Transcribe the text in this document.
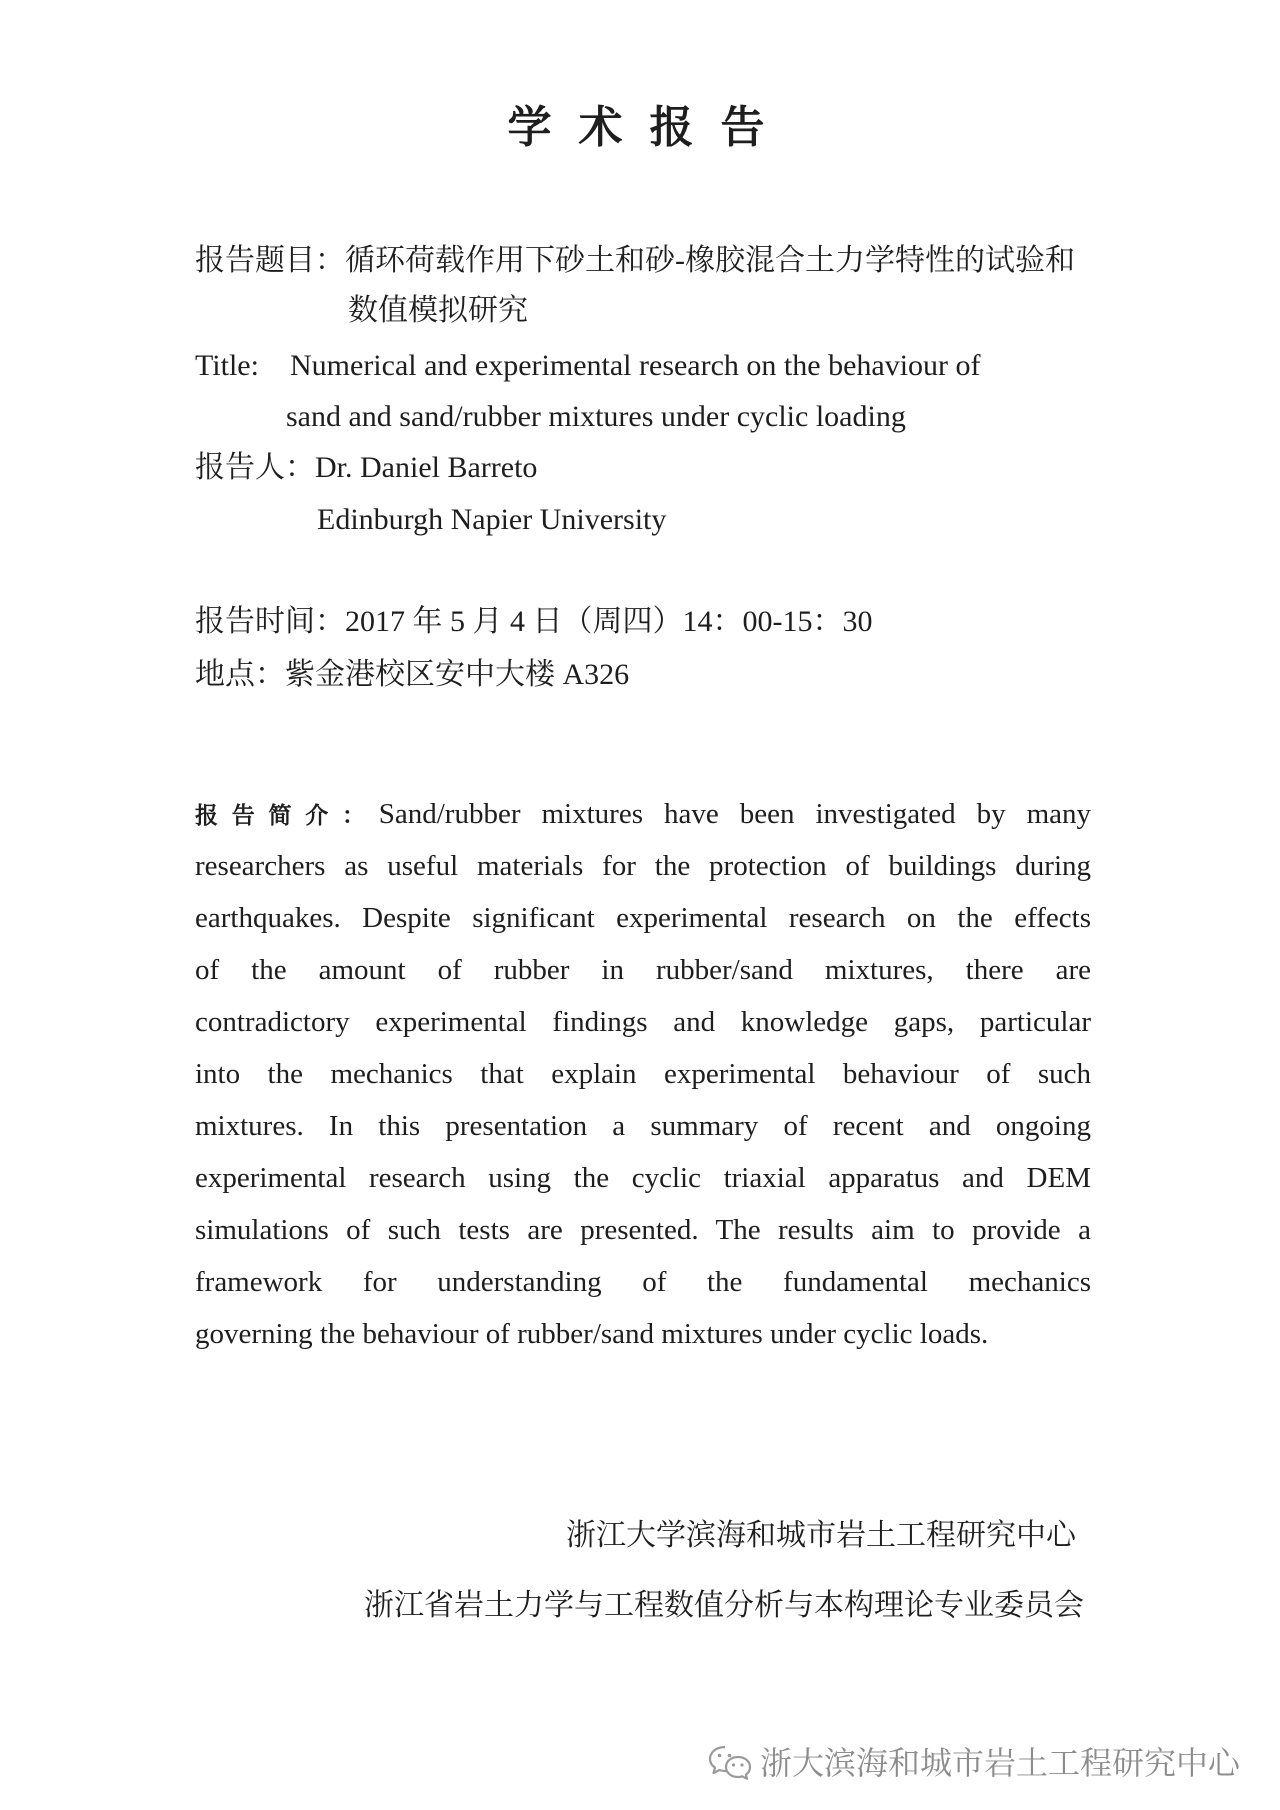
学 术 报 告
报告题目：循环荷载作用下砂土和砂-橡胶混合土力学特性的试验和
数值模拟研究
Title: Numerical and experimental research on the behaviour of
sand and sand/rubber mixtures under cyclic loading
报告人：Dr. Daniel Barreto
Edinburgh Napier University
报告时间：2017 年 5 月 4 日（周四）14：00-15：30
地点：紫金港校区安中大楼 A326
报告简介：Sand/rubber mixtures have been investigated by many
researchers as useful materials for the protection of buildings during
earthquakes. Despite significant experimental research on the effects
of the amount of rubber in rubber/sand mixtures, there are
contradictory experimental findings and knowledge gaps, particular
into the mechanics that explain experimental behaviour of such
mixtures. In this presentation a summary of recent and ongoing
experimental research using the cyclic triaxial apparatus and DEM
simulations of such tests are presented. The results aim to provide a
framework for understanding of the fundamental mechanics
governing the behaviour of rubber/sand mixtures under cyclic loads.
浙江大学滨海和城市岩土工程研究中心
浙江省岩土力学与工程数值分析与本构理论专业委员会
浙大滨海和城市岩土工程研究中心
